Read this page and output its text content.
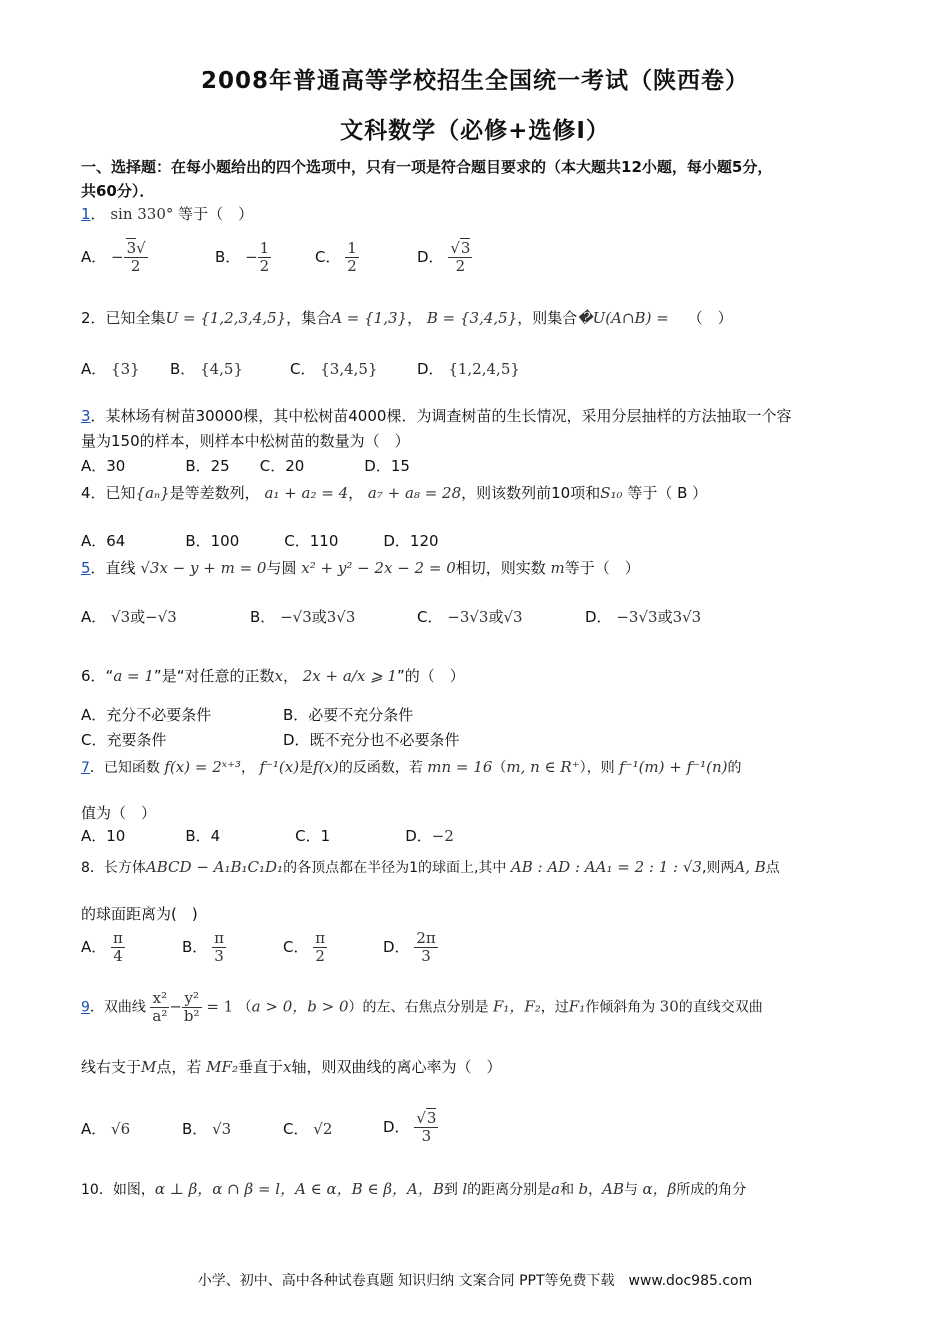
2008年普通高等学校招生全国统一考试（陕西卷）
文科数学（必修+选修Ⅰ）
一、选择题：在每小题给出的四个选项中，只有一项是符合题目要求的（本大题共12小题，每小题5分，
共60分）．
1． sin 330° 等于（　）
A． − $\frac{3√}{2}$	B． − $\frac{1}{2}$	C． $\frac{1}{2}$	D． $\frac{√3}{2}$
2．已知全集U = {1,2,3,4,5}，集合A = {1,3}， B = {3,4,5}，则集合�U(A∩B) = （　）
A． {3} B． {4,5}	C． {3,4,5}	D． {1,2,4,5}
3．某林场有树苗30000棵，其中松树苗4000棵．为调查树苗的生长情况，采用分层抽样的方法抽取一个容
量为150的样本，则样本中松树苗的数量为（　）
A．30　　　　B．25　　C．20　　　　D．15
4．已知{aₙ}是等差数列， a₁ + a₂ = 4， a₇ + a₈ = 28，则该数列前10项和S₁₀ 等于（ B ）
A．64　　　　B．100　　　C．110　　　D．120
5．直线 √3x − y + m = 0与圆 x² + y² − 2x − 2 = 0相切，则实数 m等于（　）
A． √3或−√3	B． −√3或3√3	C． −3√3或√3	D． −3√3或3√3
6．“a = 1”是“对任意的正数x， 2x + a/x ⩾ 1”的（　）
A．充分不必要条件	B．必要不充分条件
C．充要条件	D．既不充分也不必要条件
7．已知函数 f(x) = 2ˣ⁺³， f⁻¹(x)是f(x)的反函数，若 mn = 16（m, n ∈ R⁺），则 f⁻¹(m) + f⁻¹(n)的
值为（　）
A．10　　　　B．4　　　　　C．1　　　　　D．−2
8．长方体ABCD − A₁B₁C₁D₁的各顶点都在半径为1的球面上,其中 AB : AD : AA₁ = 2 : 1 : √3,则两A, B点
的球面距离为(　)
A． $\frac{\pi}{4}$	B． $\frac{\pi}{3}$	C． $\frac{\pi}{2}$	D． $\frac{2\pi}{3}$
9．双曲线 $\frac{\text{x²}}{\text{a²}} - \frac{\text{y²}}{\text{b²}} = 1$ （a > 0，b > 0）的左、右焦点分别是 F₁，F₂，过F₁作倾斜角为 30的直线交双曲
线右支于M点，若 MF₂垂直于x轴，则双曲线的离心率为（　）
A． √6	B． √3	C． √2	D． $\frac{√3}{3}$
10．如图，α ⊥ β，α ∩ β = l，A ∈ α，B ∈ β，A，B到 l的距离分别是a和 b，AB与 α，β所成的角分
小学、初中、高中各种试卷真题 知识归纳 文案合同 PPT等免费下载　www.doc985.com
